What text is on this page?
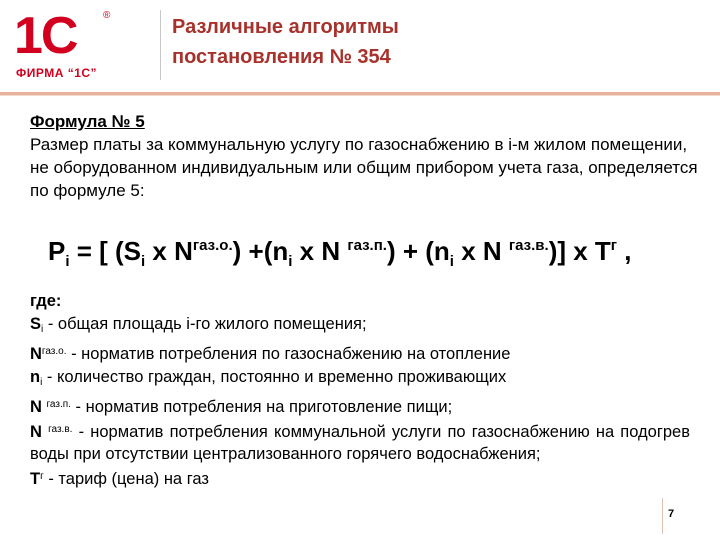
1С	®
ФИРМА “1С”
Различные алгоритмы
постановления № 354
Формула № 5
Размер платы за коммунальную услугу по газоснабжению в i-м жилом помещении, не оборудованном индивидуальным или общим прибором учета газа, определяется по формуле 5:
$P_i$ = [ ($S_i$ x $N^{газ.о.}) +(n_i$ x N $^{газ.п.}) + (n_i$ x N $^{газ.в.}$)] x $T^г$ ,
где:
$S_i$ - общая площадь i-го жилого помещения;
$N^{газ.о.}$ - норматив потребления по газоснабжению на отопление
$n_i$ - количество граждан, постоянно и временно проживающих
N $^{газ.п.}$ - норматив потребления на приготовление пищи;
N $^{газ.в.}$ - норматив потребления коммунальной услуги по газоснабжению на подогрев воды при отсутствии централизованного горячего водоснабжения;
$T^г$ - тариф (цена) на газ
7
